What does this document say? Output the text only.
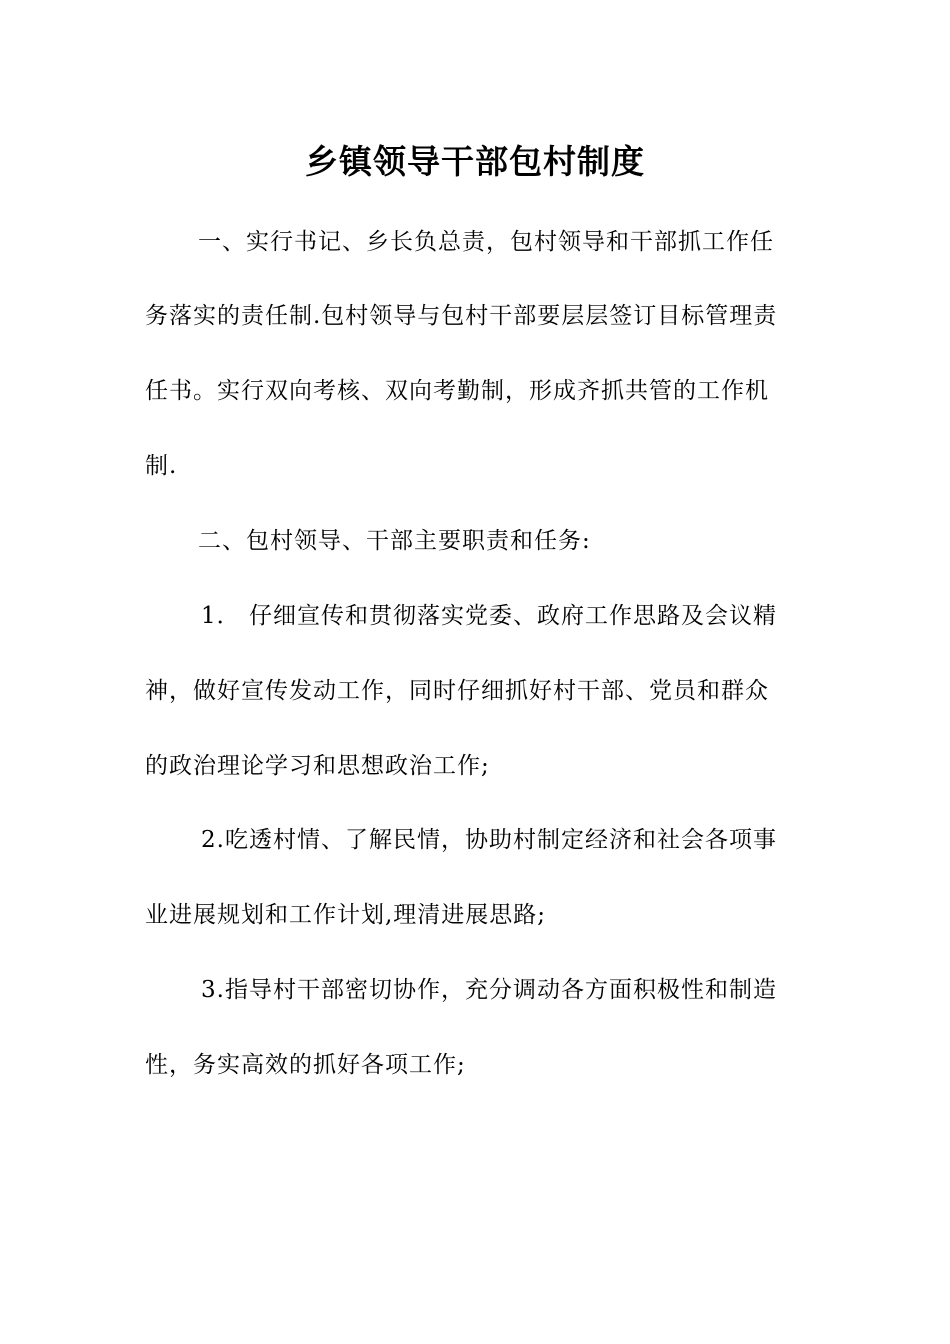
乡镇领导干部包村制度
一、实行书记、乡长负总责，包村领导和干部抓工作任
务落实的责任制.包村领导与包村干部要层层签订目标管理责
任书。实行双向考核、双向考勤制，形成齐抓共管的工作机
制.
二、包村领导、干部主要职责和任务:
1． 仔细宣传和贯彻落实党委、政府工作思路及会议精
神，做好宣传发动工作，同时仔细抓好村干部、党员和群众
的政治理论学习和思想政治工作;
2.吃透村情、了解民情，协助村制定经济和社会各项事
业进展规划和工作计划,理清进展思路;
3.指导村干部密切协作，充分调动各方面积极性和制造
性，务实高效的抓好各项工作;
